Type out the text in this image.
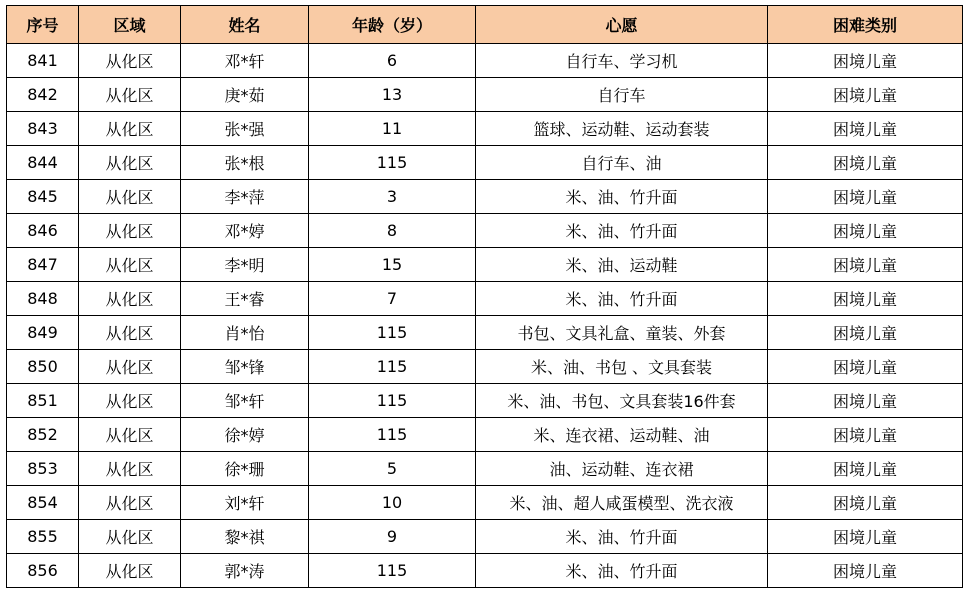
序号	区域	姓名	年龄（岁）	心愿	困难类别
841	从化区	邓*轩	6	自行车、学习机	困境儿童
842	从化区	庚*茹	13	自行车	困境儿童
843	从化区	张*强	11	篮球、运动鞋、运动套装	困境儿童
844	从化区	张*根	115	自行车、油	困境儿童
845	从化区	李*萍	3	米、油、竹升面	困境儿童
846	从化区	邓*婷	8	米、油、竹升面	困境儿童
847	从化区	李*明	15	米、油、运动鞋	困境儿童
848	从化区	王*睿	7	米、油、竹升面	困境儿童
849	从化区	肖*怡	115	书包、文具礼盒、童装、外套	困境儿童
850	从化区	邹*锋	115	米、油、书包 、文具套装	困境儿童
851	从化区	邹*轩	115	米、油、书包、文具套装16件套	困境儿童
852	从化区	徐*婷	115	米、连衣裙、运动鞋、油	困境儿童
853	从化区	徐*珊	5	油、运动鞋、连衣裙	困境儿童
854	从化区	刘*轩	10	米、油、超人咸蛋模型、洗衣液	困境儿童
855	从化区	黎*祺	9	米、油、竹升面	困境儿童
856	从化区	郭*涛	115	米、油、竹升面	困境儿童
